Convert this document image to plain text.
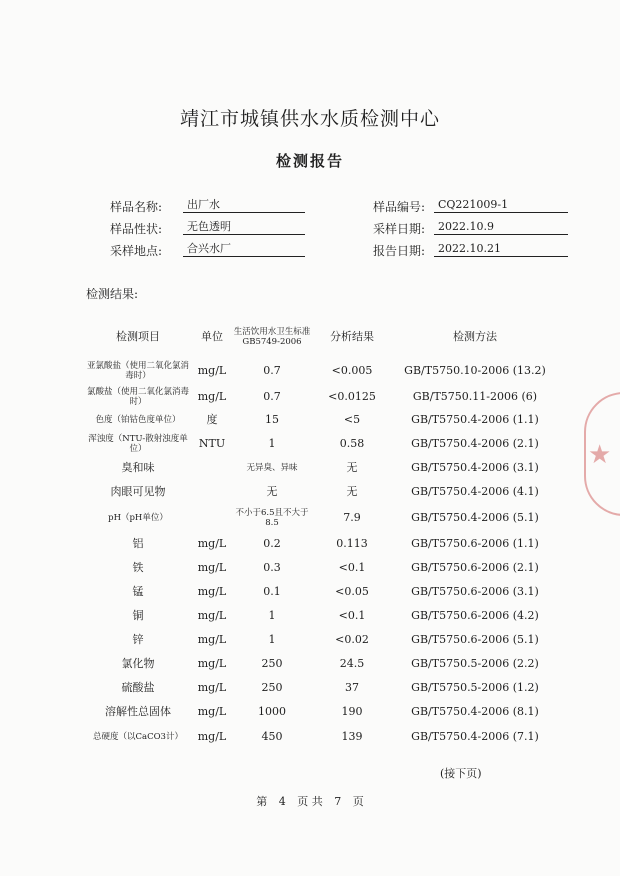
靖江市城镇供水水质检测中心
检测报告
样品名称:	出厂水	样品编号:	CQ221009-1
样品性状:	无色透明	采样日期:	2022.10.9
采样地点:	合兴水厂	报告日期:	2022.10.21
检测结果:
检测项目	单位	生活饮用水卫生标准GB5749-2006	分析结果	检测方法
亚氯酸盐（使用二氧化氯消毒时）	mg/L	0.7	<0.005	GB/T5750.10-2006 (13.2)
氯酸盐（使用二氧化氯消毒时）	mg/L	0.7	<0.0125	GB/T5750.11-2006 (6)
色度（铂钴色度单位）	度	15	<5	GB/T5750.4-2006 (1.1)
浑浊度（NTU-散射浊度单位）	NTU	1	0.58	GB/T5750.4-2006 (2.1)
臭和味		无异臭、异味	无	GB/T5750.4-2006 (3.1)
肉眼可见物		无	无	GB/T5750.4-2006 (4.1)
pH（pH单位）		不小于6.5且不大于8.5	7.9	GB/T5750.4-2006 (5.1)
铝	mg/L	0.2	0.113	GB/T5750.6-2006 (1.1)
铁	mg/L	0.3	<0.1	GB/T5750.6-2006 (2.1)
锰	mg/L	0.1	<0.05	GB/T5750.6-2006 (3.1)
铜	mg/L	1	<0.1	GB/T5750.6-2006 (4.2)
锌	mg/L	1	<0.02	GB/T5750.6-2006 (5.1)
氯化物	mg/L	250	24.5	GB/T5750.5-2006 (2.2)
硫酸盐	mg/L	250	37	GB/T5750.5-2006 (1.2)
溶解性总固体	mg/L	1000	190	GB/T5750.4-2006 (8.1)
总硬度（以CaCO3计）	mg/L	450	139	GB/T5750.4-2006 (7.1)
(接下页)
第 4 页 共 7 页
★
